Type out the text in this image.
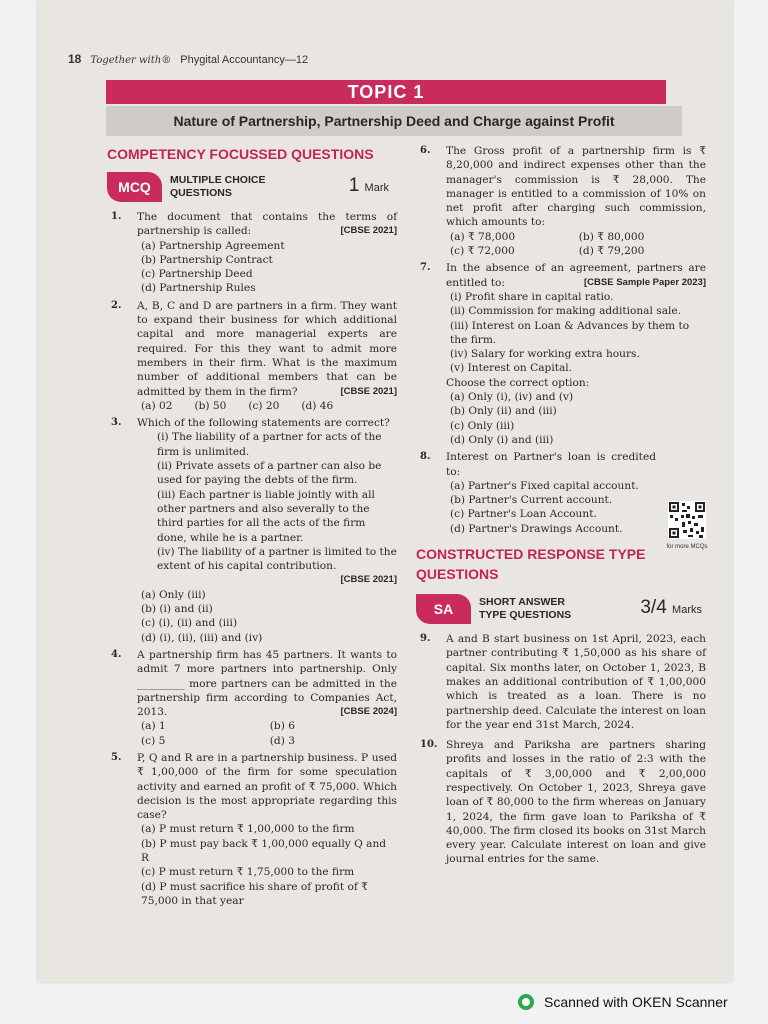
18 Together with® Phygital Accountancy—12
TOPIC 1
Nature of Partnership, Partnership Deed and Charge against Profit
COMPETENCY FOCUSSED QUESTIONS
MCQ	MULTIPLE CHOICE
QUESTIONS	1 Mark
1.	The document that contains the terms of partnership is called:	[CBSE 2021]
(a) Partnership Agreement
(b) Partnership Contract
(c) Partnership Deed
(d) Partnership Rules
2.	A, B, C and D are partners in a firm. They want to expand their business for which additional capital and more managerial experts are required. For this they want to admit more members in their firm. What is the maximum number of additional members that can be admitted by them in the firm?	[CBSE 2021]
(a) 02 (b) 50 (c) 20 (d) 46
3.	Which of the following statements are correct?
(i) The liability of a partner for acts of the firm is unlimited.
(ii) Private assets of a partner can also be used for paying the debts of the firm.
(iii) Each partner is liable jointly with all other partners and also severally to the third parties for all the acts of the firm done, while he is a partner.
(iv) The liability of a partner is limited to the extent of his capital contribution.
[CBSE 2021]
(a) Only (iii)
(b) (i) and (ii)
(c) (i), (ii) and (iii)
(d) (i), (ii), (iii) and (iv)
4.	A partnership firm has 45 partners. It wants to admit 7 more partners into partnership. Only _________ more partners can be admitted in the partnership firm according to Companies Act, 2013.	[CBSE 2024]
(a) 1	(b) 6
(c) 5	(d) 3
5.	P, Q and R are in a partnership business. P used ₹ 1,00,000 of the firm for some speculation activity and earned an profit of ₹ 75,000. Which decision is the most appropriate regarding this case?
(a) P must return ₹ 1,00,000 to the firm
(b) P must pay back ₹ 1,00,000 equally Q and R
(c) P must return ₹ 1,75,000 to the firm
(d) P must sacrifice his share of profit of ₹ 75,000 in that year
6.	The Gross profit of a partnership firm is ₹ 8,20,000 and indirect expenses other than the manager's commission is ₹ 28,000. The manager is entitled to a commission of 10% on net profit after charging such commission, which amounts to:
(a) ₹ 78,000	(b) ₹ 80,000
(c) ₹ 72,000	(d) ₹ 79,200
7.	In the absence of an agreement, partners are entitled to:	[CBSE Sample Paper 2023]
(i) Profit share in capital ratio.
(ii) Commission for making additional sale.
(iii) Interest on Loan & Advances by them to the firm.
(iv) Salary for working extra hours.
(v) Interest on Capital.
Choose the correct option:
(a) Only (i), (iv) and (v)
(b) Only (ii) and (iii)
(c) Only (iii)
(d) Only (i) and (iii)
8.	Interest on Partner's loan is credited to:
(a) Partner's Fixed capital account.
(b) Partner's Current account.
(c) Partner's Loan Account.
(d) Partner's Drawings Account.
CONSTRUCTED RESPONSE TYPE QUESTIONS
SA	SHORT ANSWER
TYPE QUESTIONS	3/4 Marks
9.	A and B start business on 1st April, 2023, each partner contributing ₹ 1,50,000 as his share of capital. Six months later, on October 1, 2023, B makes an additional contribution of ₹ 1,00,000 which is treated as a loan. There is no partnership deed. Calculate the interest on loan for the year end 31st March, 2024.
10. Shreya and Pariksha are partners sharing profits and losses in the ratio of 2:3 with the capitals of ₹ 3,00,000 and ₹ 2,00,000 respectively. On October 1, 2023, Shreya gave loan of ₹ 80,000 to the firm whereas on January 1, 2024, the firm gave loan to Pariksha of ₹ 40,000. The firm closed its books on 31st March every year. Calculate interest on loan and give journal entries for the same.
for more MCQs
Scanned with OKEN Scanner
